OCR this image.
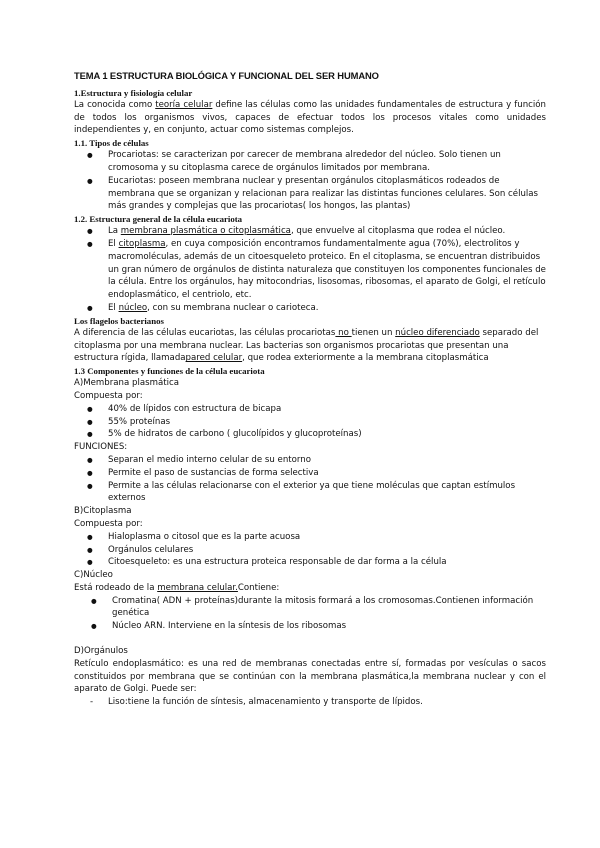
TEMA 1 ESTRUCTURA BIOLÓGICA Y FUNCIONAL DEL SER HUMANO
1.Estructura y fisiología celular

La conocida como teoría celular define las células como las unidades fundamentales de estructura y función de todos los organismos vivos, capaces de efectuar todos los procesos vitales como unidades independientes y, en conjunto, actuar como sistemas complejos.

1.1. Tipos de células
● Procariotas: se caracterizan por carecer de membrana alrededor del núcleo. Solo tienen un cromosoma y su citoplasma carece de orgánulos limitados por membrana.
● Eucariotas: poseen membrana nuclear y presentan orgánulos citoplasmáticos rodeados de membrana que se organizan y relacionan para realizar las distintas funciones celulares. Son células más grandes y complejas que las procariotas( los hongos, las plantas)
1.2. Estructura general de la célula eucariota
● La membrana plasmática o citoplasmática, que envuelve al citoplasma que rodea el núcleo.
● El citoplasma, en cuya composición encontramos fundamentalmente agua (70%), electrolitos y macromoléculas, además de un citoesqueleto proteico. En el citoplasma, se encuentran distribuidos un gran número de orgánulos de distinta naturaleza que constituyen los componentes funcionales de la célula. Entre los orgánulos, hay mitocondrias, lisosomas, ribosomas, el aparato de Golgi, el retículo endoplasmático, el centriolo, etc.
● El núcleo, con su membrana nuclear o carioteca.
Los flagelos bacterianos

A diferencia de las células eucariotas, las células procariotas no tienen un núcleo diferenciado separado del citoplasma por una membrana nuclear. Las bacterias son organismos procariotas que presentan una estructura rígida, llamadapared celular, que rodea exteriormente a la membrana citoplasmática

1.3 Componentes y funciones de la célula eucariota

A)Membrana plasmática

Compuesta por:

● 40% de lípidos con estructura de bicapa
● 55% proteínas
● 5% de hidratos de carbono ( glucolípidos y glucoproteínas)

FUNCIONES:

● Separan el medio interno celular de su entorno
● Permite el paso de sustancias de forma selectiva
● Permite a las células relacionarse con el exterior ya que tiene moléculas que captan estímulos externos

B)Citoplasma

Compuesta por:

● Hialoplasma o citosol que es la parte acuosa
● Orgánulos celulares
● Citoesqueleto: es una estructura proteica responsable de dar forma a la célula

C)Núcleo

Está rodeado de la membrana celular.Contiene:

● Cromatina( ADN + proteínas)durante la mitosis formará a los cromosomas.Contienen información genética
● Núcleo ARN. Interviene en la síntesis de los ribosomas

D)Orgánulos

Retículo endoplasmático: es una red de membranas conectadas entre sí, formadas por vesículas o sacos constituidos por membrana que se continúan con la membrana plasmática,la membrana nuclear y con el aparato de Golgi. Puede ser:

- Liso:tiene la función de síntesis, almacenamiento y transporte de lípidos.
